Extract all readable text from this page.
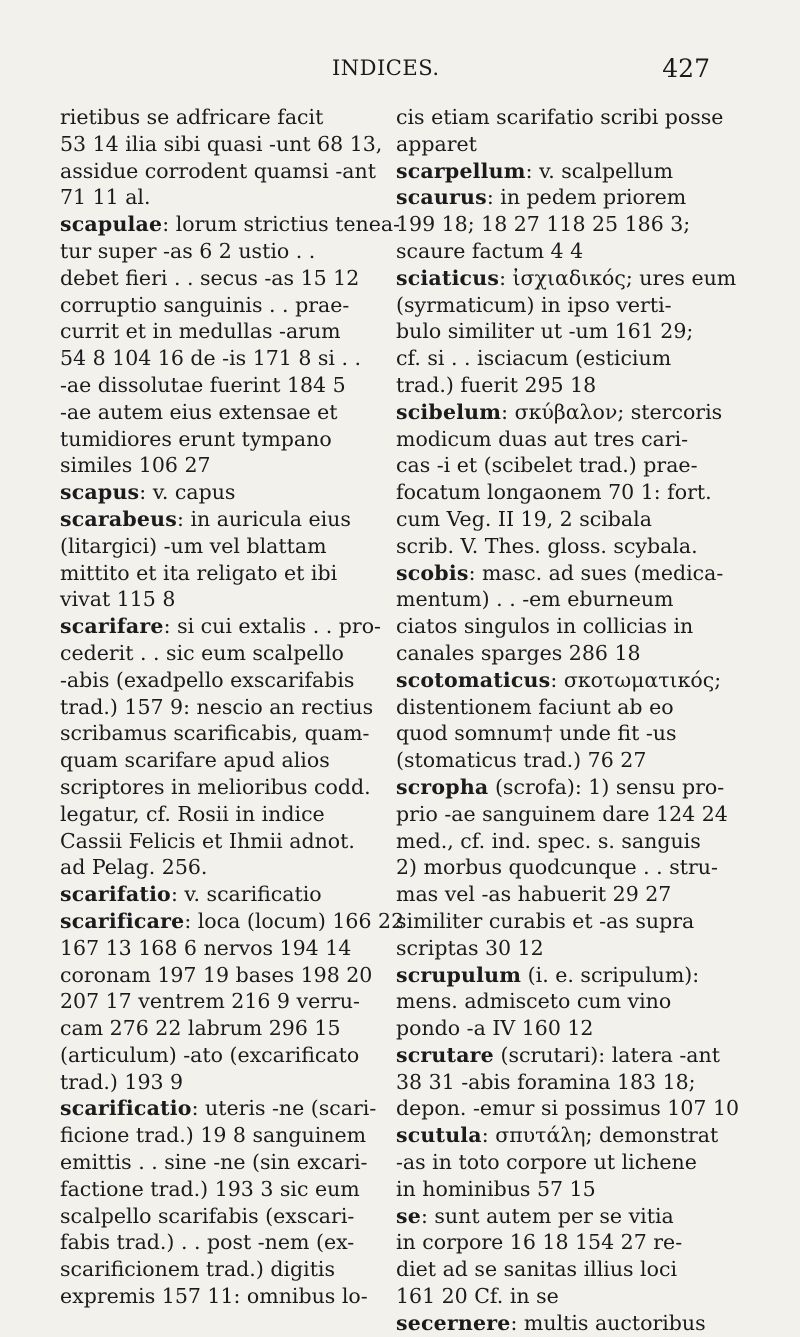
INDICES.	427
rietibus se adfricare facit
53 14 ilia sibi quasi -unt 68 13,
assidue corrodent quamsi -ant
71 11 al.
scapulae: lorum strictius tenea-
tur super -as 6 2 ustio . .
debet fieri . . secus -as 15 12
corruptio sanguinis . . prae-
currit et in medullas -arum
54 8 104 16 de -is 171 8 si . .
-ae dissolutae fuerint 184 5
-ae autem eius extensae et
tumidiores erunt tympano
similes 106 27
scapus: v. capus
scarabeus: in auricula eius
(litargici) -um vel blattam
mittito et ita religato et ibi
vivat 115 8
scarifare: si cui extalis . . pro-
cederit . . sic eum scalpello
-abis (exadpello exscarifabis
trad.) 157 9: nescio an rectius
scribamus scarificabis, quam-
quam scarifare apud alios
scriptores in melioribus codd.
legatur, cf. Rosii in indice
Cassii Felicis et Ihmii adnot.
ad Pelag. 256.
scarifatio: v. scarificatio
scarificare: loca (locum) 166 22
167 13 168 6 nervos 194 14
coronam 197 19 bases 198 20
207 17 ventrem 216 9 verru-
cam 276 22 labrum 296 15
(articulum) -ato (excarificato
trad.) 193 9
scarificatio: uteris -ne (scari-
ficione trad.) 19 8 sanguinem
emittis . . sine -ne (sin excari-
factione trad.) 193 3 sic eum
scalpello scarifabis (exscari-
fabis trad.) . . post -nem (ex-
scarificionem trad.) digitis
expremis 157 11: omnibus lo-
cis etiam scarifatio scribi posse
apparet
scarpellum: v. scalpellum
scaurus: in pedem priorem
199 18; 18 27 118 25 186 3;
scaure factum 4 4
sciaticus: ἰσχιαδικός; ures eum
(syrmaticum) in ipso verti-
bulo similiter ut -um 161 29;
cf. si . . isciacum (esticium
trad.) fuerit 295 18
scibelum: σκύβαλον; stercoris
modicum duas aut tres cari-
cas -i et (scibelet trad.) prae-
focatum longaonem 70 1: fort.
cum Veg. II 19, 2 scibala
scrib. V. Thes. gloss. scybala.
scobis: masc. ad sues (medica-
mentum) . . -em eburneum
ciatos singulos in collicias in
canales sparges 286 18
scotomaticus: σκοτωματικός;
distentionem faciunt ab eo
quod somnum† unde fit -us
(stomaticus trad.) 76 27
scropha (scrofa): 1) sensu pro-
prio -ae sanguinem dare 124 24
med., cf. ind. spec. s. sanguis
2) morbus quodcunque . . stru-
mas vel -as habuerit 29 27
similiter curabis et -as supra
scriptas 30 12
scrupulum (i. e. scripulum):
mens. admisceto cum vino
pondo -a IV 160 12
scrutare (scrutari): latera -ant
38 31 -abis foramina 183 18;
depon. -emur si possimus 107 10
scutula: σπυτάλη; demonstrat
-as in toto corpore ut lichene
in hominibus 57 15
se: sunt autem per se vitia
in corpore 16 18 154 27 re-
diet ad se sanitas illius loci
161 20 Cf. in se
secernere: multis auctoribus
